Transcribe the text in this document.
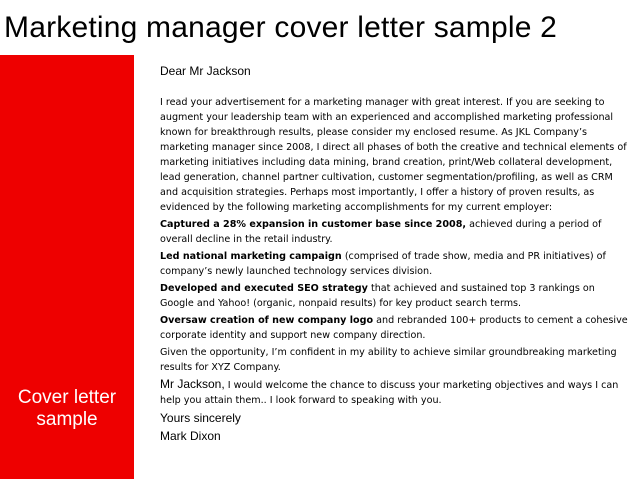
Marketing manager cover letter sample 2
Cover letter
sample
Dear Mr Jackson
I read your advertisement for a marketing manager with great interest. If you are seeking to augment your leadership team with an experienced and accomplished marketing professional known for breakthrough results, please consider my enclosed resume. As JKL Company’s marketing manager since 2008, I direct all phases of both the creative and technical elements of marketing initiatives including data mining, brand creation, print/Web collateral development, lead generation, channel partner cultivation, customer segmentation/profiling, as well as CRM and acquisition strategies. Perhaps most importantly, I offer a history of proven results, as evidenced by the following marketing accomplishments for my current employer:
Captured a 28% expansion in customer base since 2008, achieved during a period of overall decline in the retail industry.
Led national marketing campaign (comprised of trade show, media and PR initiatives) of company’s newly launched technology services division.
Developed and executed SEO strategy that achieved and sustained top 3 rankings on Google and Yahoo! (organic, nonpaid results) for key product search terms.
Oversaw creation of new company logo and rebranded 100+ products to cement a cohesive corporate identity and support new company direction.
Given the opportunity, I’m confident in my ability to achieve similar groundbreaking marketing results for XYZ Company.
Mr Jackson, I would welcome the chance to discuss your marketing objectives and ways I can help you attain them.. I look forward to speaking with you.
Yours sincerely
Mark Dixon
